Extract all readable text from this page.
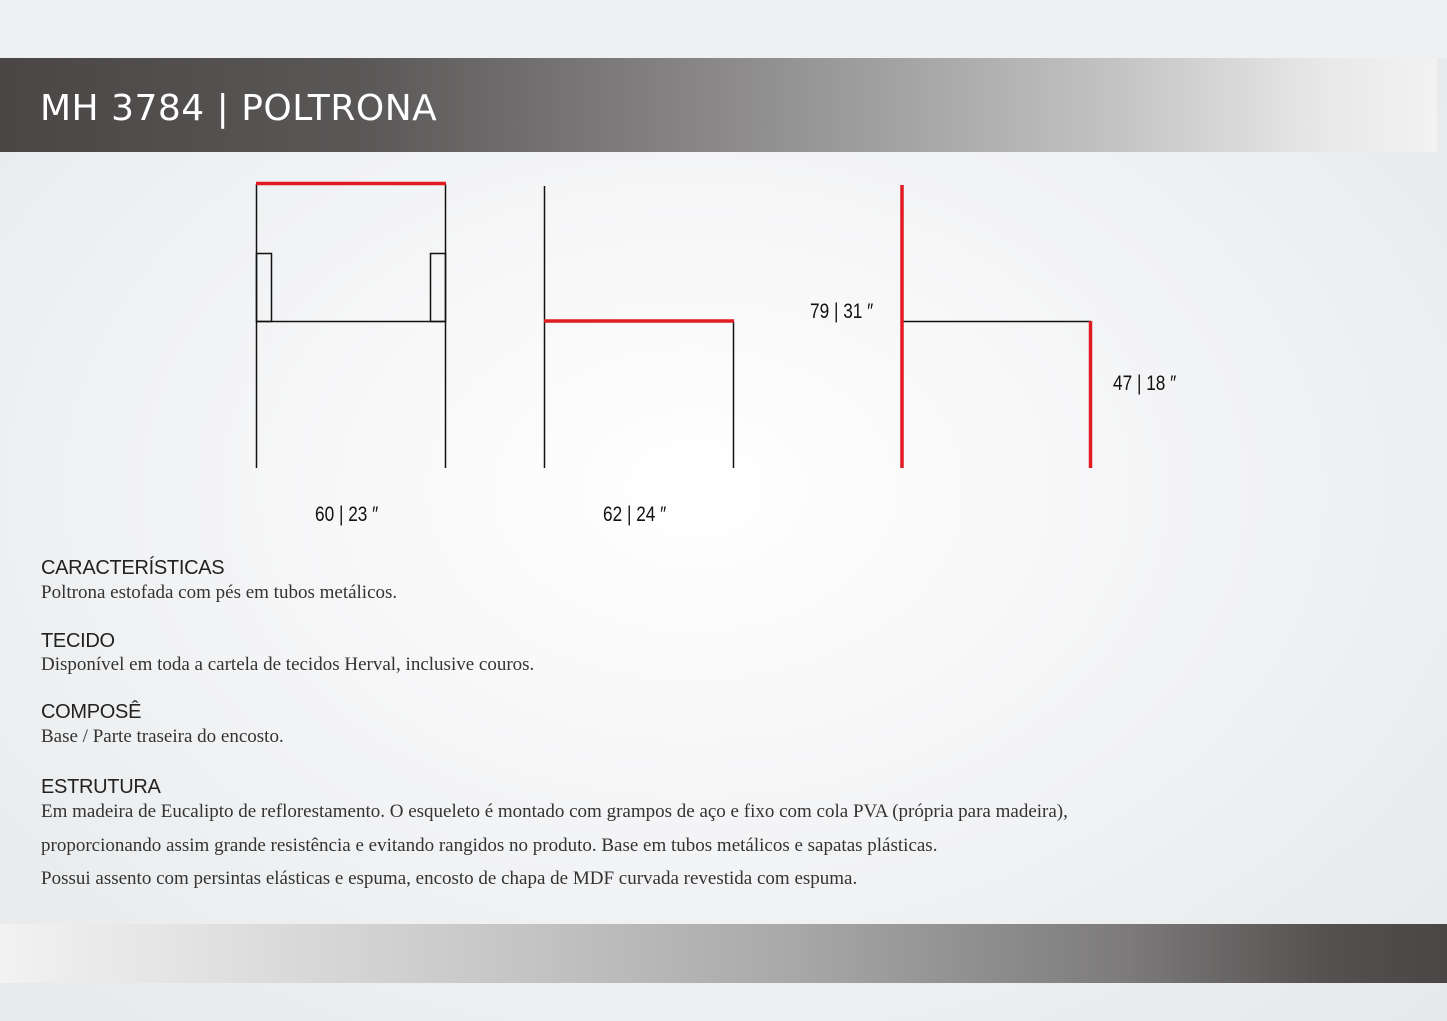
MH 3784 | POLTRONA
60 | 23 ″	62 | 24 ″
79 | 31 ″
47 | 18 ″
CARACTERÍSTICAS
Poltrona estofada com pés em tubos metálicos.
TECIDO
Disponível em toda a cartela de tecidos Herval, inclusive couros.
COMPOSÊ
Base / Parte traseira do encosto.
ESTRUTURA
Em madeira de Eucalipto de reflorestamento. O esqueleto é montado com grampos de aço e fixo com cola PVA (própria para madeira),
proporcionando assim grande resistência e evitando rangidos no produto. Base em tubos metálicos e sapatas plásticas.
Possui assento com persintas elásticas e espuma, encosto de chapa de MDF curvada revestida com espuma.
